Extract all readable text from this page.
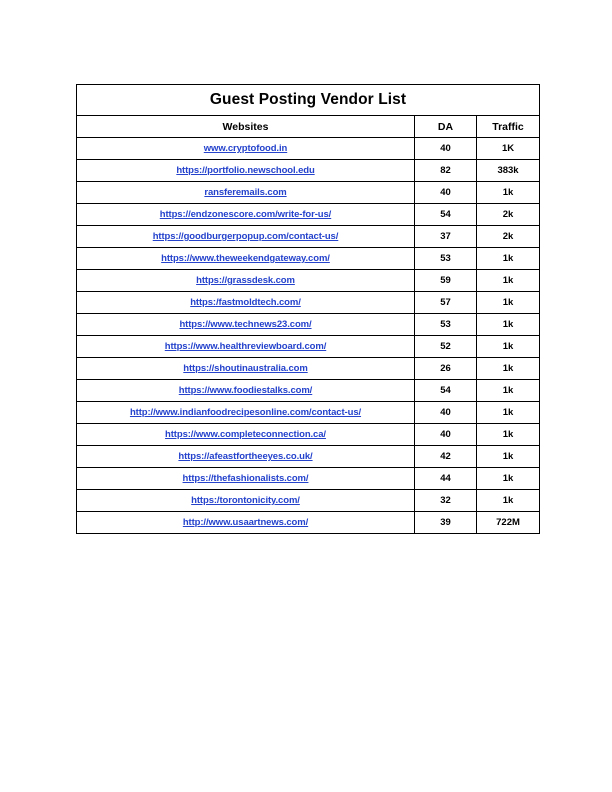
Guest Posting Vendor List		
Websites	DA	Traffic
www.cryptofood.in	40	1K
https://portfolio.newschool.edu	82	383k
ransferemails.com	40	1k
https://endzonescore.com/write-for-us/	54	2k
https://goodburgerpopup.com/contact-us/	37	2k
https://www.theweekendgateway.com/	53	1k
https://grassdesk.com	59	1k
https:/fastmoldtech.com/	57	1k
https://www.technews23.com/	53	1k
https://www.healthreviewboard.com/	52	1k
https://shoutinaustralia.com	26	1k
https://www.foodiestalks.com/	54	1k
http://www.indianfoodrecipesonline.com/contact-us/	40	1k
https://www.completeconnection.ca/	40	1k
https://afeastfortheeyes.co.uk/	42	1k
https://thefashionalists.com/	44	1k
https:/torontonicity.com/	32	1k
http://www.usaartnews.com/	39	722M
